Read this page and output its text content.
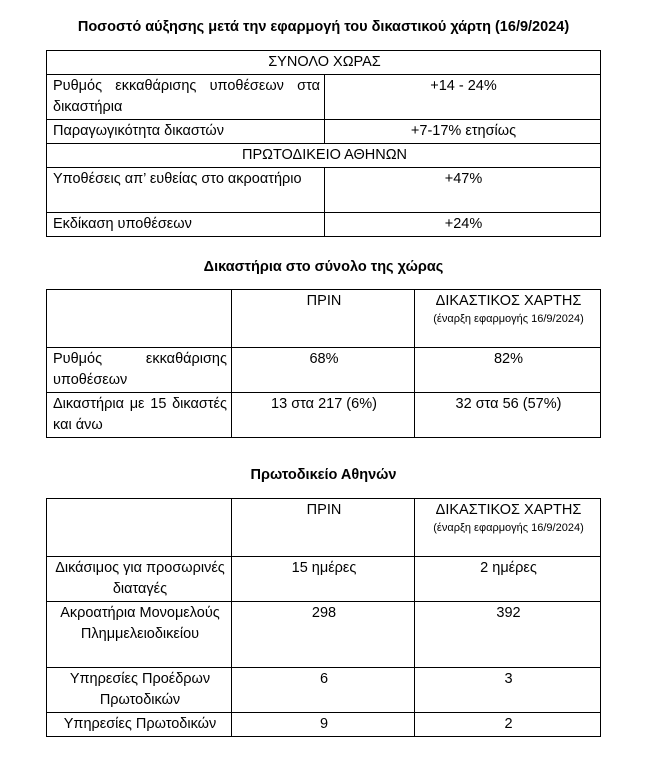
Ποσοστό αύξησης μετά την εφαρμογή του δικαστικού χάρτη (16/9/2024)
ΣΥΝΟΛΟ ΧΩΡΑΣ	
Ρυθμός εκκαθάρισης υποθέσεων στα δικαστήρια	+14 - 24%
Παραγωγικότητα δικαστών	+7-17% ετησίως
ΠΡΩΤΟΔΙΚΕΙΟ ΑΘΗΝΩΝ	
Υποθέσεις απ’ ευθείας στο ακροατήριο	+47%
Εκδίκαση υποθέσεων	+24%
Δικαστήρια στο σύνολο της χώρας
	ΠΡΙΝ	ΔΙΚΑΣΤΙΚΟΣ ΧΑΡΤΗΣ
(έναρξη εφαρμογής 16/9/2024)

Ρυθμός εκκαθάρισης υποθέσεων	68%	82%
Δικαστήρια με 15 δικαστές και άνω	13 στα 217 (6%)	32 στα 56 (57%)
Πρωτοδικείο Αθηνών
	ΠΡΙΝ	ΔΙΚΑΣΤΙΚΟΣ ΧΑΡΤΗΣ
(έναρξη εφαρμογής 16/9/2024)

Δικάσιμος για προσωρινές διαταγές	15 ημέρες	2 ημέρες
Ακροατήρια Μονομελούς Πλημμελειοδικείου	298	392
Υπηρεσίες Προέδρων Πρωτοδικών	6	3
Υπηρεσίες Πρωτοδικών	9	2
